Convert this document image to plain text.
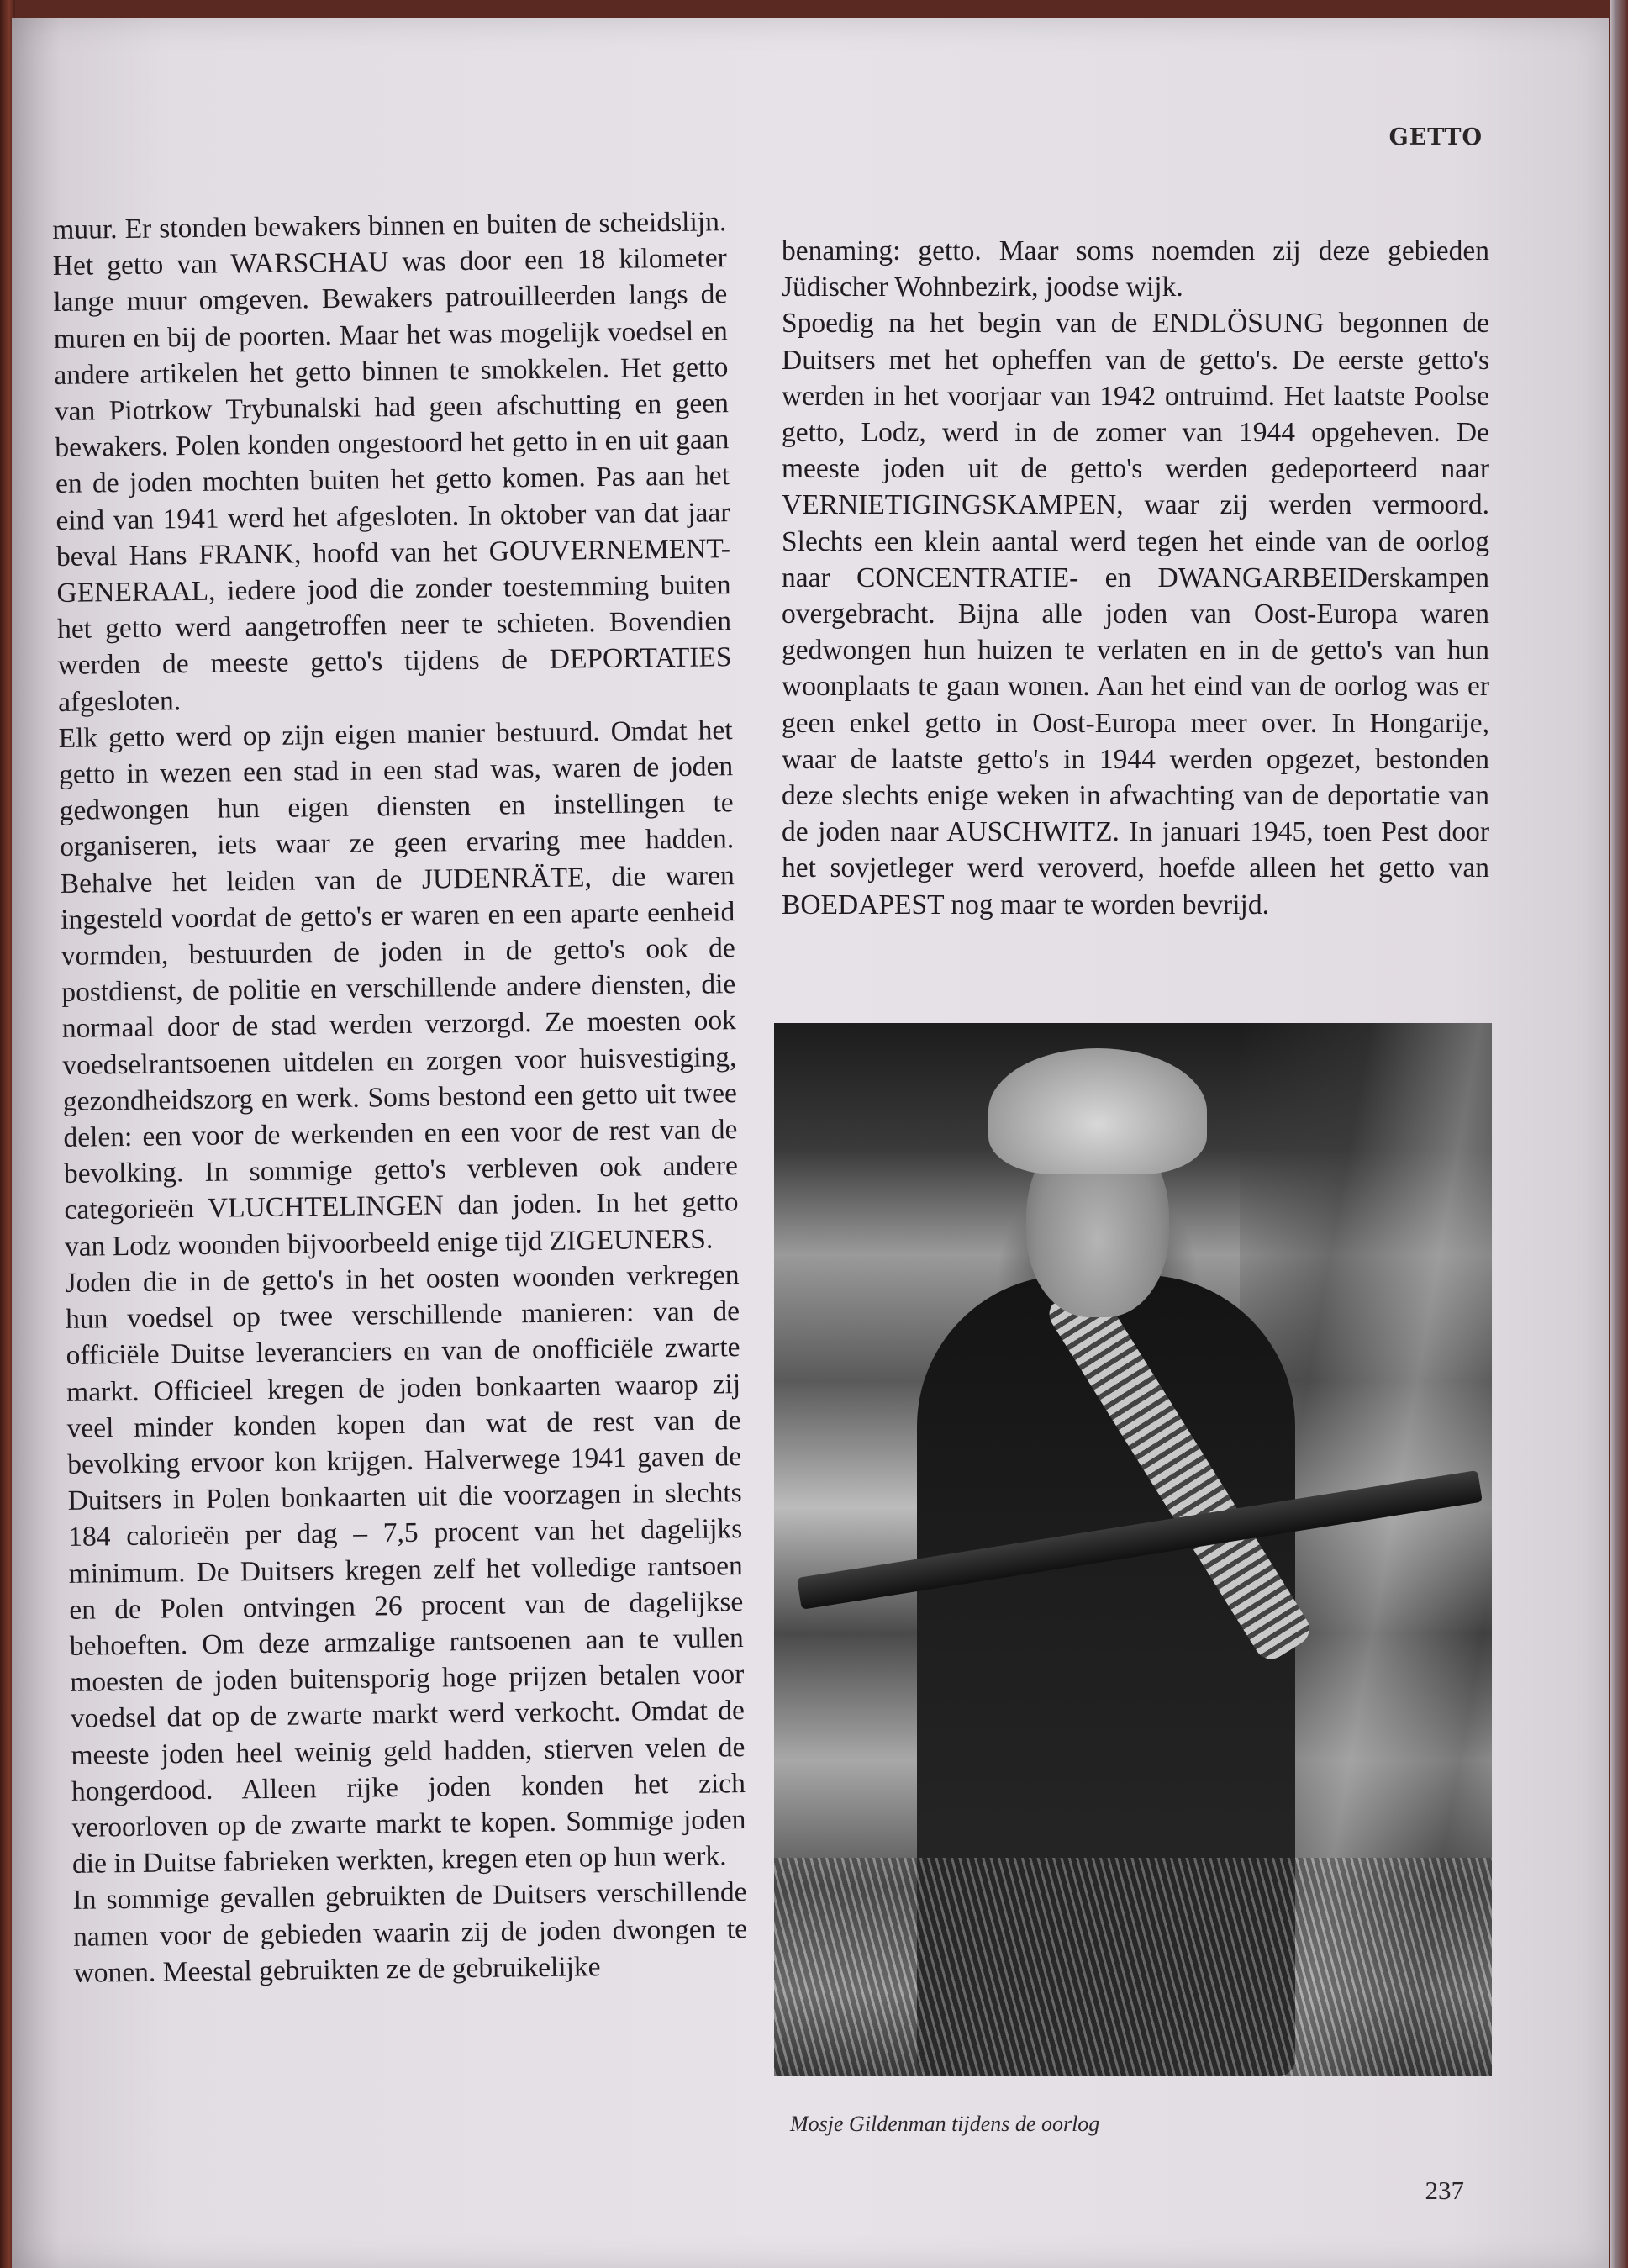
GETTO

muur. Er stonden bewakers binnen en buiten de scheidslijn. Het getto van WARSCHAU was door een 18 kilometer lange muur omgeven. Bewakers patrouilleerden langs de muren en bij de poorten. Maar het was mogelijk voedsel en andere artikelen het getto binnen te smokkelen. Het getto van Piotrkow Trybunalski had geen afschutting en geen bewakers. Polen konden ongestoord het getto in en uit gaan en de joden mochten buiten het getto komen. Pas aan het eind van 1941 werd het afgesloten. In oktober van dat jaar beval Hans FRANK, hoofd van het GOUVERNEMENT-GENERAAL, iedere jood die zonder toestemming buiten het getto werd aangetroffen neer te schieten. Bovendien werden de meeste getto's tijdens de DEPORTATIES afgesloten.

Elk getto werd op zijn eigen manier bestuurd. Omdat het getto in wezen een stad in een stad was, waren de joden gedwongen hun eigen diensten en instellingen te organiseren, iets waar ze geen ervaring mee hadden. Behalve het leiden van de JUDENRÄTE, die waren ingesteld voordat de getto's er waren en een aparte eenheid vormden, bestuurden de joden in de getto's ook de postdienst, de politie en verschillende andere diensten, die normaal door de stad werden verzorgd. Ze moesten ook voedselrantsoenen uitdelen en zorgen voor huisvestiging, gezondheidszorg en werk. Soms bestond een getto uit twee delen: een voor de werkenden en een voor de rest van de bevolking. In sommige getto's verbleven ook andere categorieën VLUCHTELINGEN dan joden. In het getto van Lodz woonden bijvoorbeeld enige tijd ZIGEUNERS.

Joden die in de getto's in het oosten woonden verkregen hun voedsel op twee verschillende manieren: van de officiële Duitse leveranciers en van de onofficiële zwarte markt. Officieel kregen de joden bonkaarten waarop zij veel minder konden kopen dan wat de rest van de bevolking ervoor kon krijgen. Halverwege 1941 gaven de Duitsers in Polen bonkaarten uit die voorzagen in slechts 184 calorieën per dag – 7,5 procent van het dagelijks minimum. De Duitsers kregen zelf het volledige rantsoen en de Polen ontvingen 26 procent van de dagelijkse behoeften. Om deze armzalige rantsoenen aan te vullen moesten de joden buitensporig hoge prijzen betalen voor voedsel dat op de zwarte markt werd verkocht. Omdat de meeste joden heel weinig geld hadden, stierven velen de hongerdood. Alleen rijke joden konden het zich veroorloven op de zwarte markt te kopen. Sommige joden die in Duitse fabrieken werkten, kregen eten op hun werk.

In sommige gevallen gebruikten de Duitsers verschillende namen voor de gebieden waarin zij de joden dwongen te wonen. Meestal gebruikten ze de gebruikelijke

benaming: getto. Maar soms noemden zij deze gebieden Jüdischer Wohnbezirk, joodse wijk.

Spoedig na het begin van de ENDLÖSUNG begonnen de Duitsers met het opheffen van de getto's. De eerste getto's werden in het voorjaar van 1942 ontruimd. Het laatste Poolse getto, Lodz, werd in de zomer van 1944 opgeheven. De meeste joden uit de getto's werden gedeporteerd naar VERNIETIGINGSKAMPEN, waar zij werden vermoord. Slechts een klein aantal werd tegen het einde van de oorlog naar CONCENTRATIE- en DWANGARBEIDerskampen overgebracht. Bijna alle joden van Oost-Europa waren gedwongen hun huizen te verlaten en in de getto's van hun woonplaats te gaan wonen. Aan het eind van de oorlog was er geen enkel getto in Oost-Europa meer over. In Hongarije, waar de laatste getto's in 1944 werden opgezet, bestonden deze slechts enige weken in afwachting van de deportatie van de joden naar AUSCHWITZ. In januari 1945, toen Pest door het sovjetleger werd veroverd, hoefde alleen het getto van BOEDAPEST nog maar te worden bevrijd.

Mosje Gildenman tijdens de oorlog
237
